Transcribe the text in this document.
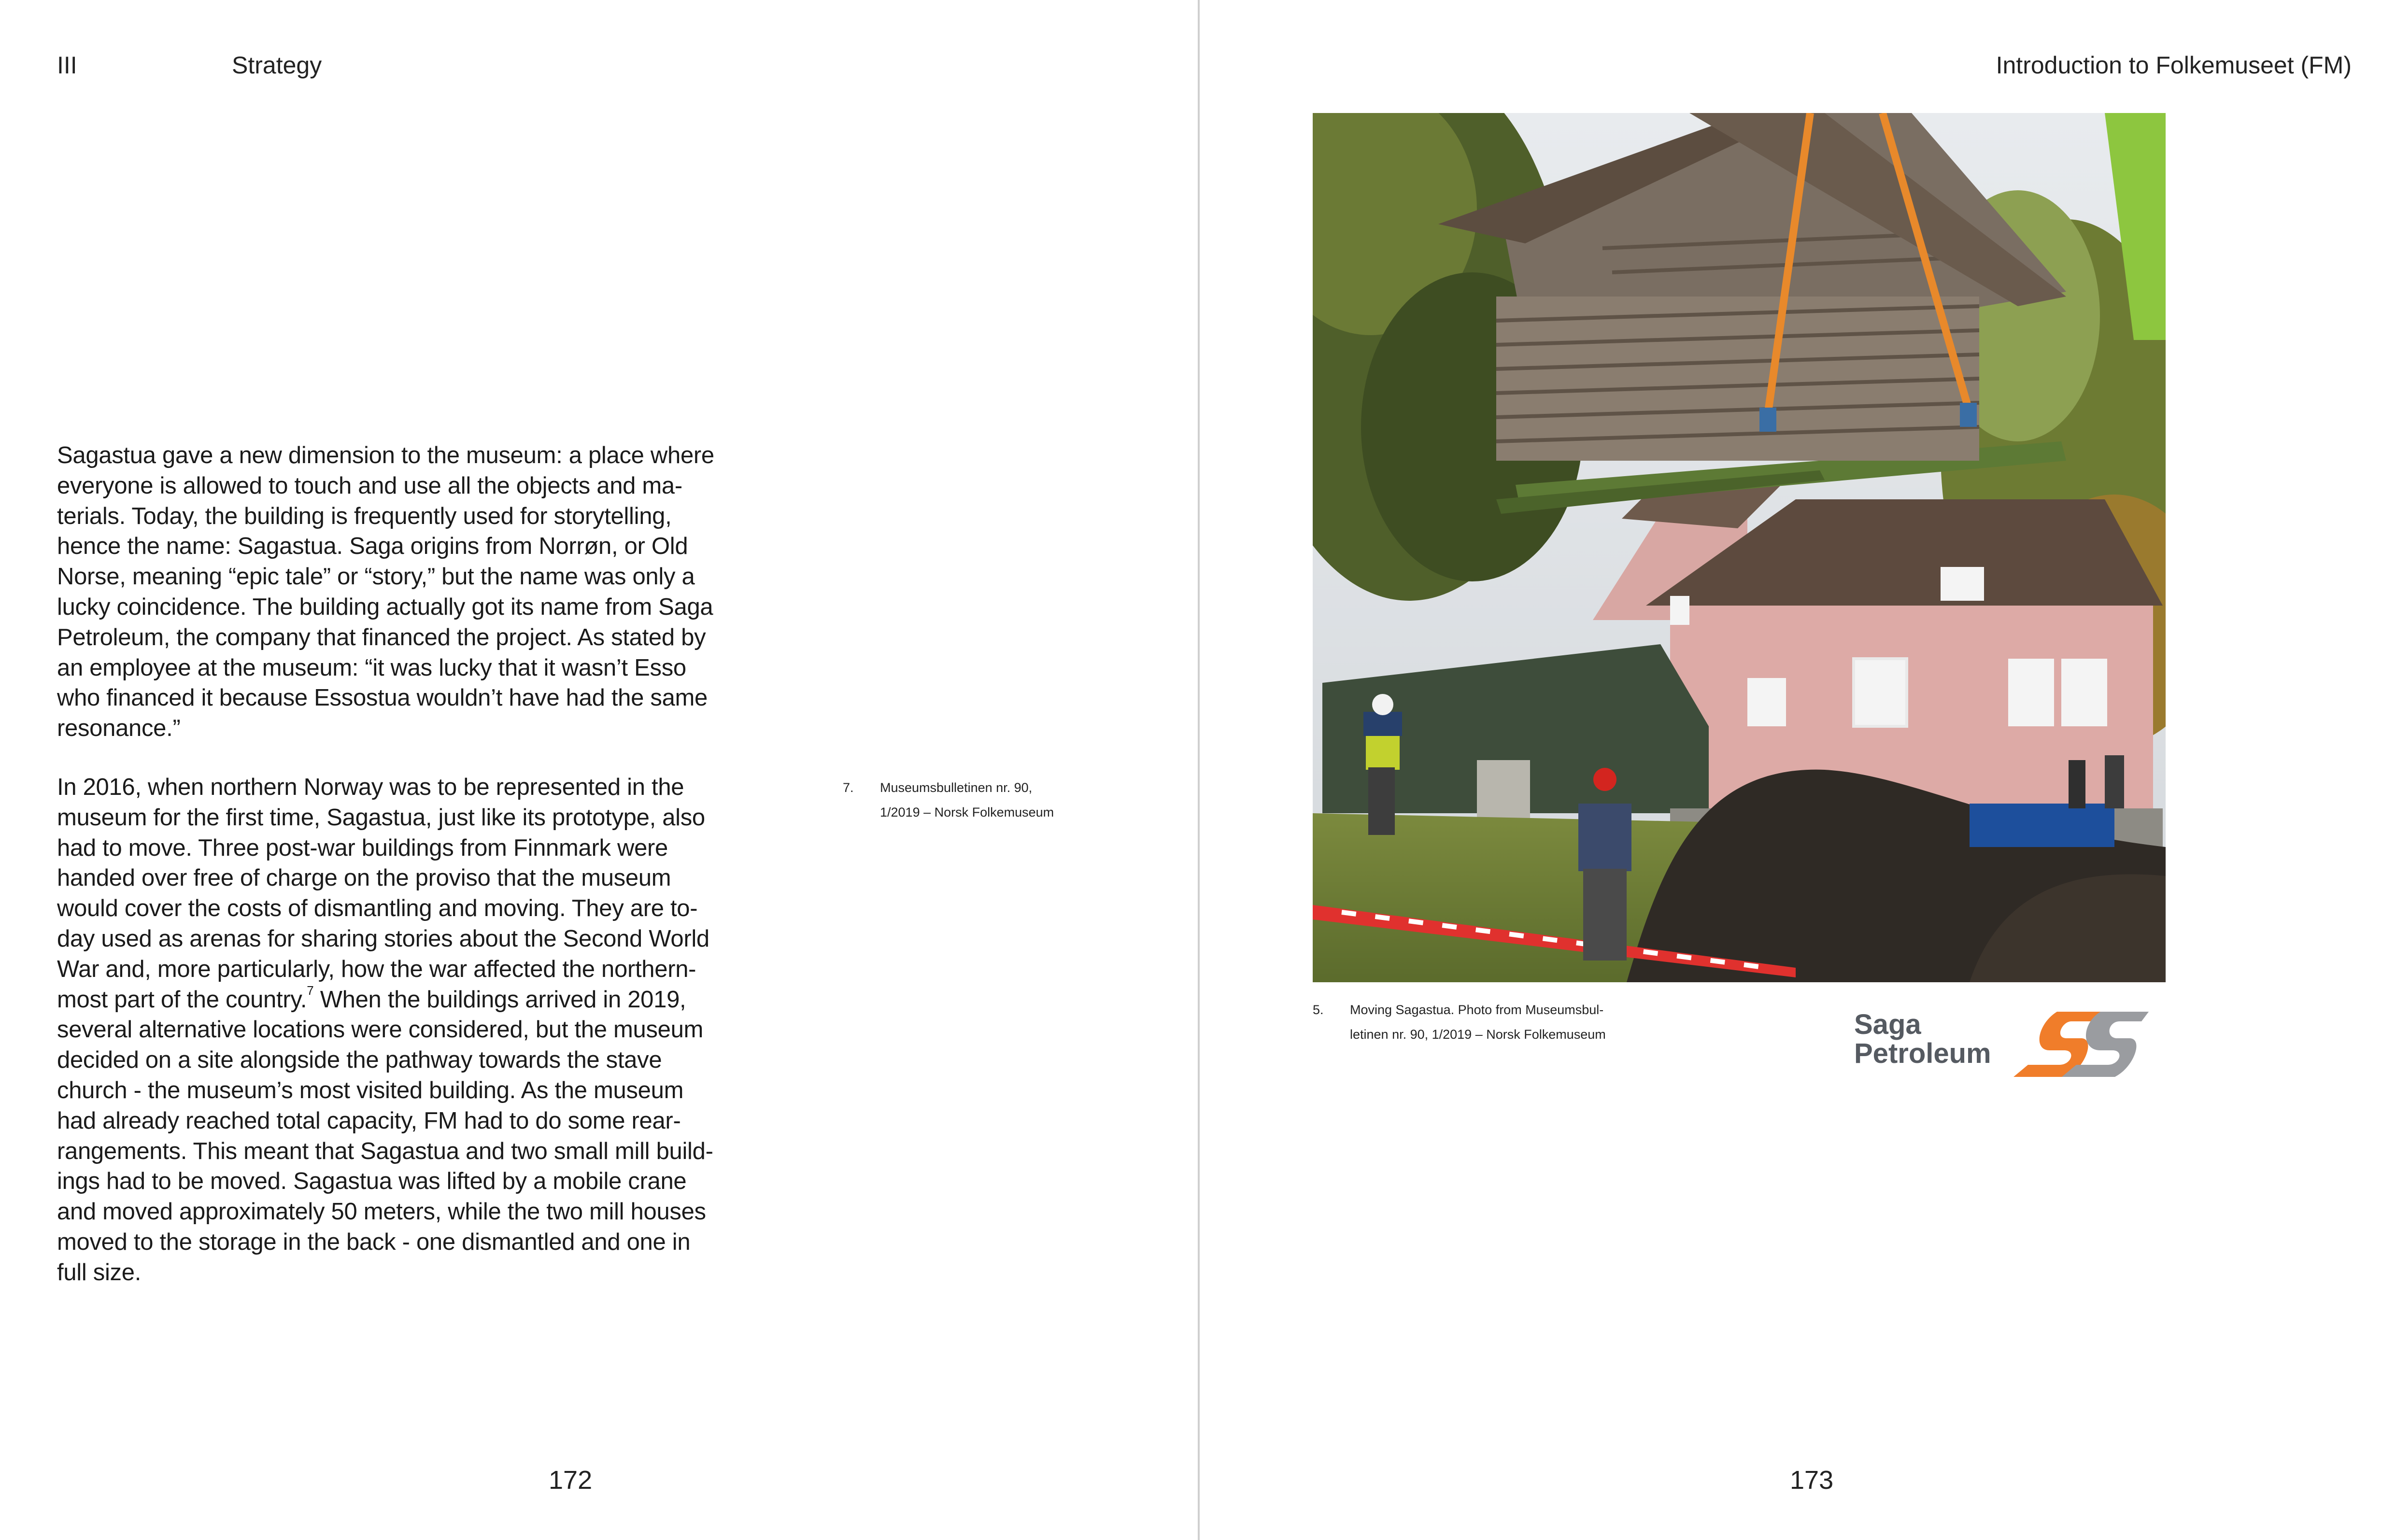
III	Strategy

Sagastua gave a new dimension to the museum: a place where
everyone is allowed to touch and use all the objects and ma-
terials. Today, the building is frequently used for storytelling,
hence the name: Sagastua. Saga origins from Norrøn, or Old
Norse, meaning “epic tale” or “story,” but the name was only a
lucky coincidence. The building actually got its name from Saga
Petroleum, the company that financed the project. As stated by
an employee at the museum: “it was lucky that it wasn’t Esso
who financed it because Essostua wouldn’t have had the same
resonance.”

In 2016, when northern Norway was to be represented in the
museum for the first time, Sagastua, just like its prototype, also
had to move. Three post-war buildings from Finnmark were
handed over free of charge on the proviso that the museum
would cover the costs of dismantling and moving. They are to-
day used as arenas for sharing stories about the Second World
War and, more particularly, how the war affected the northern-
most part of the country.$^7$ When the buildings arrived in 2019,
several alternative locations were considered, but the museum
decided on a site alongside the pathway towards the stave
church - the museum’s most visited building. As the museum
had already reached total capacity, FM had to do some rear-
rangements. This meant that Sagastua and two small mill build-
ings had to be moved. Sagastua was lifted by a mobile crane
and moved approximately 50 meters, while the two mill houses
moved to the storage in the back - one dismantled and one in
full size.

7. Museumsbulletinen nr. 90,
1/2019 – Norsk Folkemuseum
172
Introduction to Folkemuseet (FM)
5. Moving Sagastua. Photo from Museumsbul-
letinen nr. 90, 1/2019 – Norsk Folkemuseum	Saga
Petroleum
173
